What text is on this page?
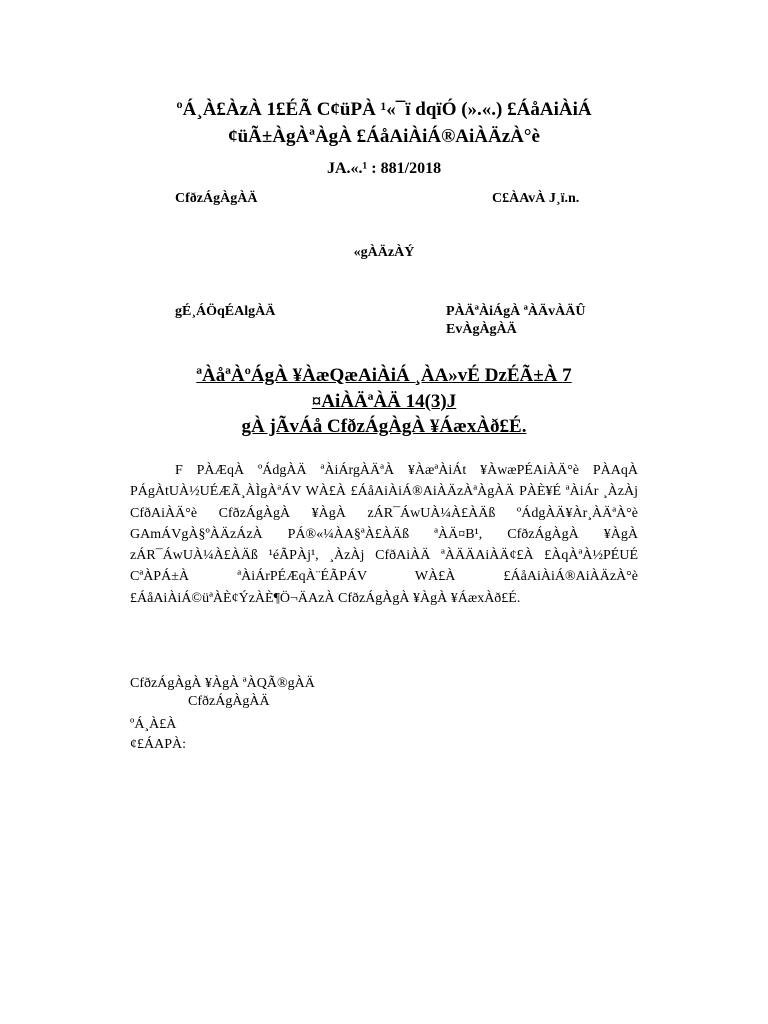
ºÁ¸À£ÀzÀ 1£ÉÃ C¢üPÀ ¹«¯ï dqïÓ (».«.) £ÁåAiÀiÁ
¢üÃ±ÀgÀªÀgÀ £ÁåAiÀiÁ®AiÀÄzÀ°è
JA.«.¹ : 881/2018
CfðzÁgÀgÀÄ	C£ÀAvÀ J¸ï.n.
«gÀÄzÀÝ
gÉ¸ÁÖqÉAlgÀÄ	PÀÄªÀiÁgÀ ªÀÄvÀÄÛ
EvÀgÀgÀÄ
ªÀåªÀºÁgÀ ¥ÀæQæAiÀiÁ ¸ÀA»vÉ DzÉÃ±À 7
¤AiÀÄªÀÄ 14(3)J
gÀ jÃvÁå CfðzÁgÀgÀ ¥ÁæxÀð£É.

F PÀÆqÀ ºÁdgÀÄ ªÀiÁrgÀÄªÀ ¥ÀæªÀiÁt ¥ÀwæPÉAiÀÄ°è PÀAqÀ PÁgÀtUÀ½UÉÆÃ¸ÀÌgÀªÁV WÀ£À £ÁåAiÀiÁ®AiÀÄzÀªÀgÀÄ PÀÈ¥É ªÀiÁr ¸ÀzÀj CfðAiÀÄ°è CfðzÁgÀgÀ ¥ÀgÀ zÁR¯ÁwUÀ¼À£ÀÄß ºÁdgÀÄ¥Àr¸ÀÄªÀ°è GAmÁVgÀ§ºÀÄzÁzÀ PÁ®«¼ÀA§ªÀ£ÀÄß ªÀÄ¤B¹, CfðzÁgÀgÀ ¥ÀgÀ zÁR¯ÁwUÀ¼À£ÀÄß ¹éÃPÀj¹, ¸ÀzÀj CfðAiÀÄ ªÀÄÄAiÀÄ¢£À £ÀqÀªÀ½PÉUÉ CªÀPÁ±À ªÀiÁrPÉÆqÀ¨ÉÃPÁV WÀ£À £ÁåAiÀiÁ®AiÀÄzÀ°è £ÁåAiÀiÁ©üªÀÈ¢ÝzÀÈ¶Ö¬ÄAzÀ CfðzÁgÀgÀ ¥ÀgÀ ¥ÁæxÀð£É.

CfðzÁgÀgÀ ¥ÀgÀ ªÀQÃ®gÀÄ
CfðzÁgÀgÀÄ
ºÁ¸À£À
¢£ÁAPÀ:
